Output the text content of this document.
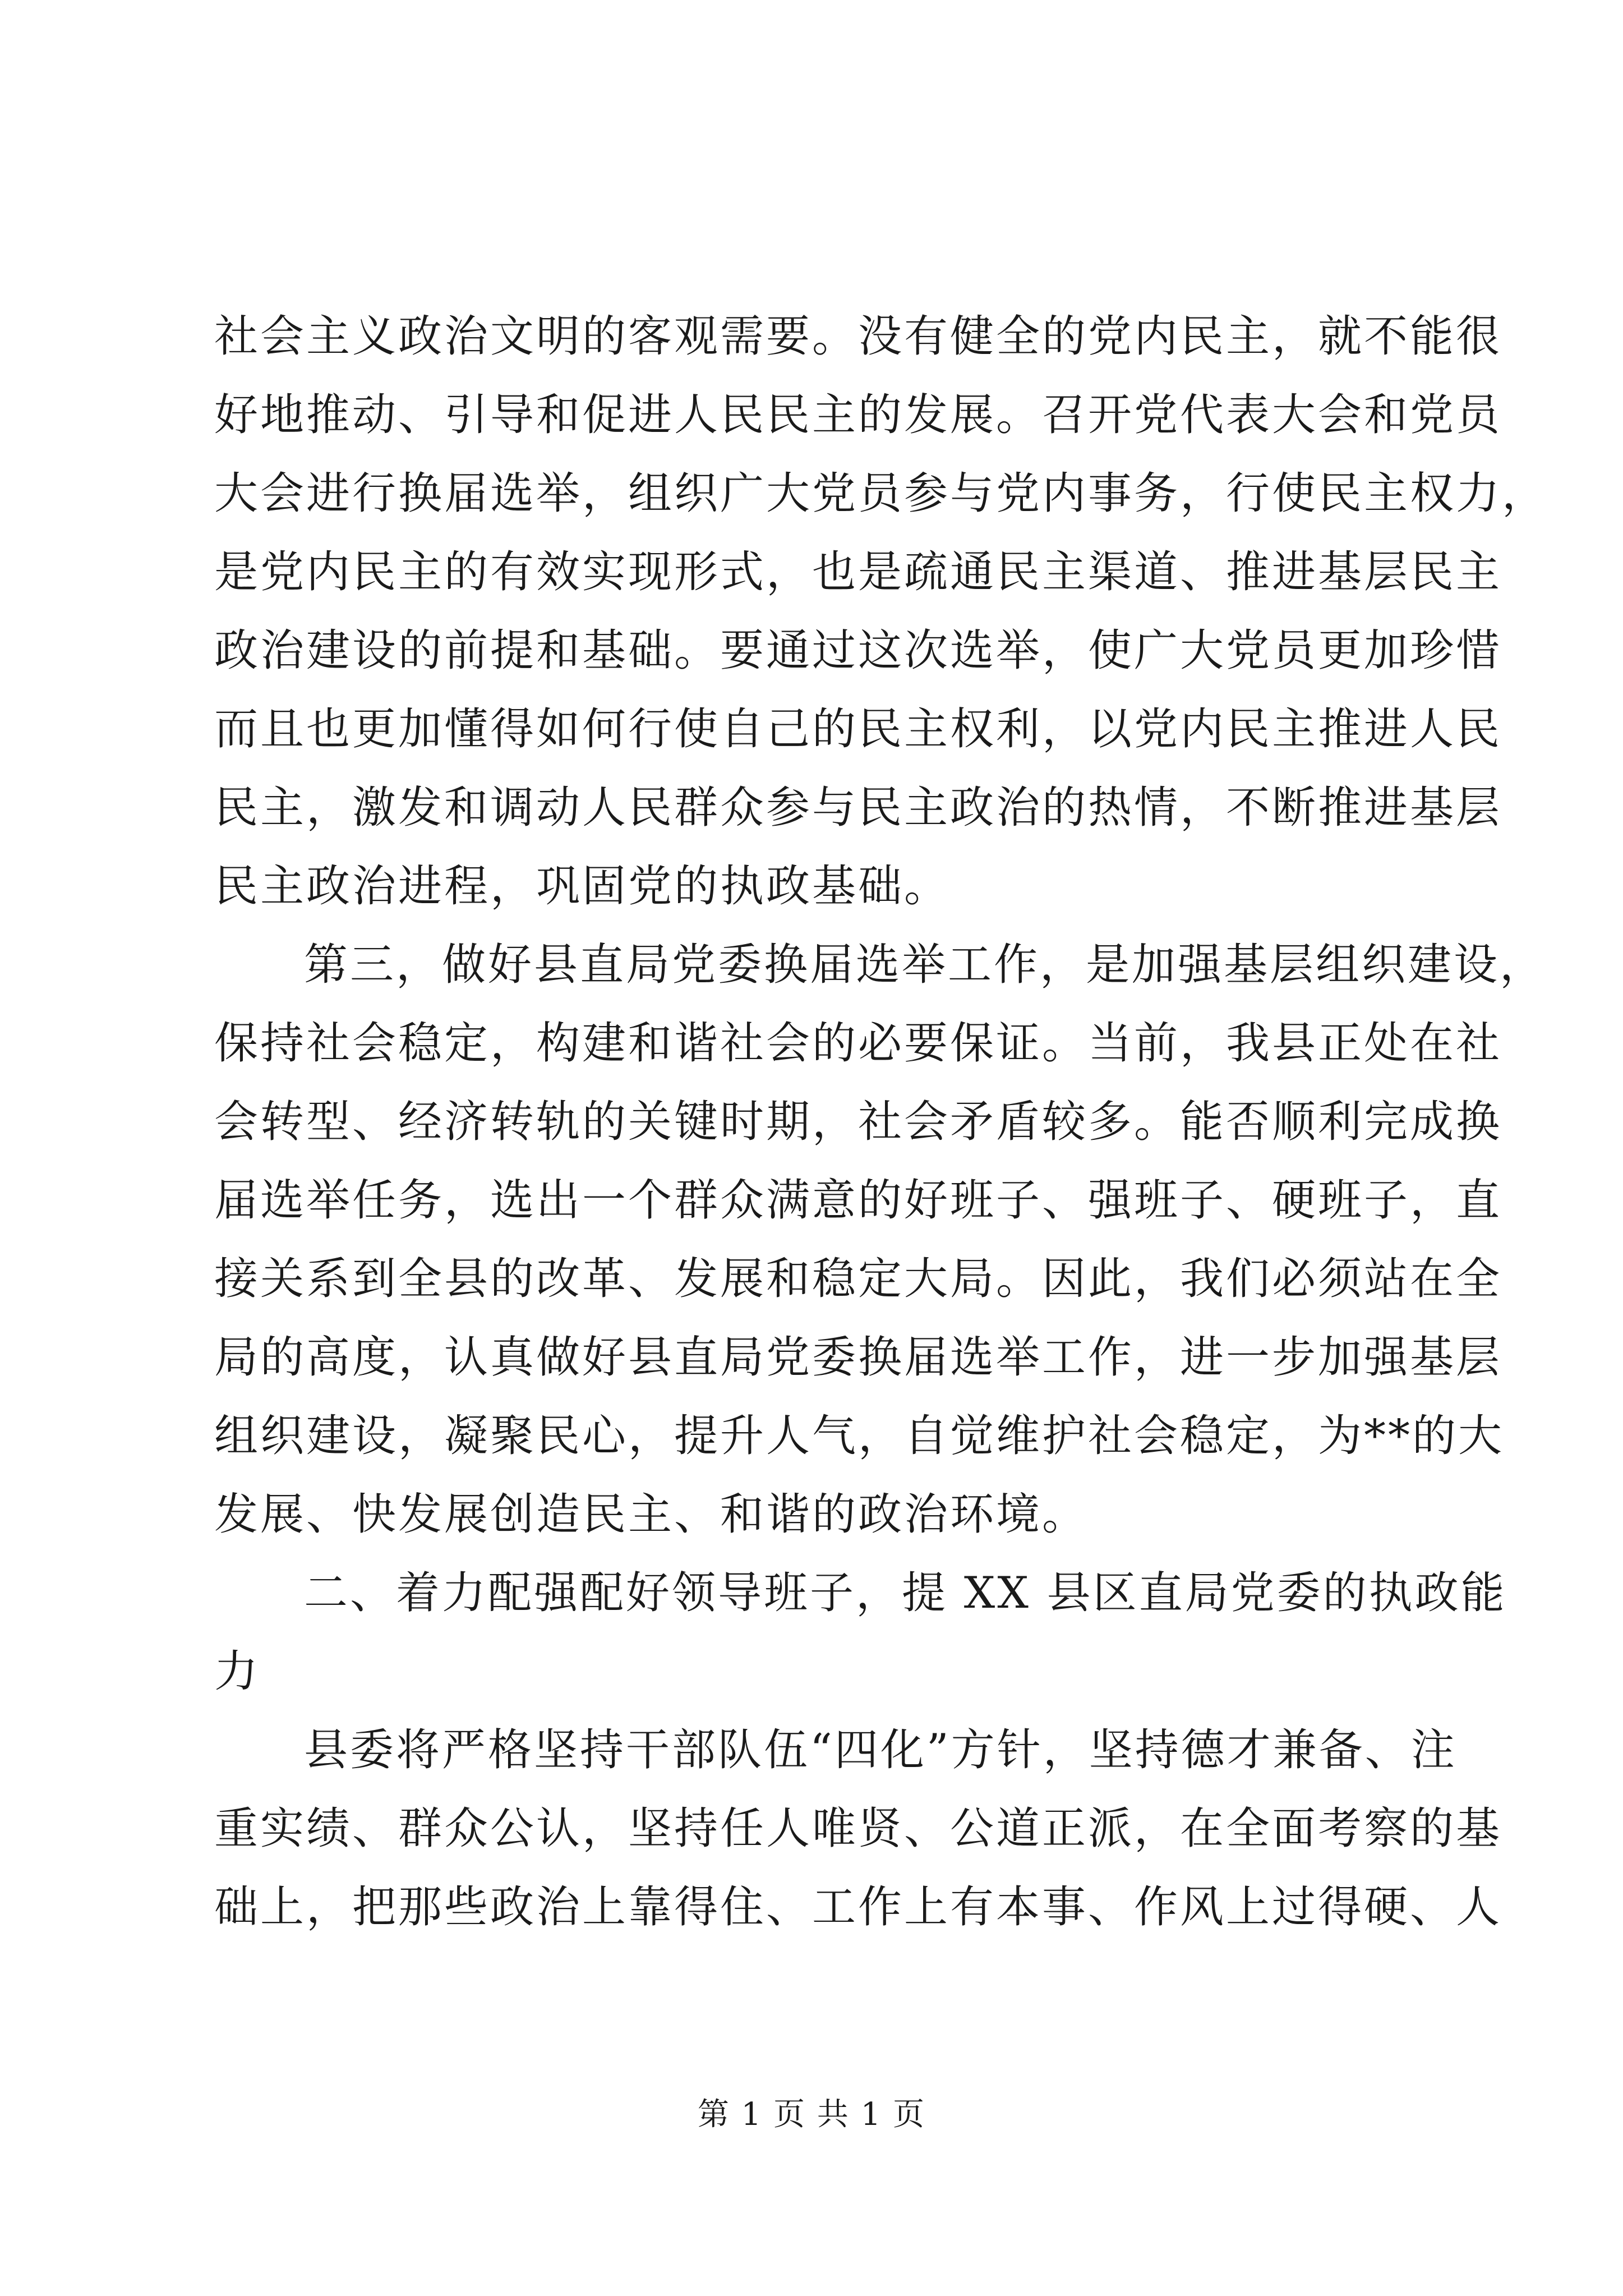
社会主义政治文明的客观需要。没有健全的党内民主，就不能很
好地推动、引导和促进人民民主的发展。召开党代表大会和党员
大会进行换届选举，组织广大党员参与党内事务，行使民主权力，
是党内民主的有效实现形式，也是疏通民主渠道、推进基层民主
政治建设的前提和基础。要通过这次选举，使广大党员更加珍惜
而且也更加懂得如何行使自己的民主权利，以党内民主推进人民
民主，激发和调动人民群众参与民主政治的热情，不断推进基层
民主政治进程，巩固党的执政基础。
第三，做好县直局党委换届选举工作，是加强基层组织建设，
保持社会稳定，构建和谐社会的必要保证。当前，我县正处在社
会转型、经济转轨的关键时期，社会矛盾较多。能否顺利完成换
届选举任务，选出一个群众满意的好班子、强班子、硬班子，直
接关系到全县的改革、发展和稳定大局。因此，我们必须站在全
局的高度，认真做好县直局党委换届选举工作，进一步加强基层
组织建设，凝聚民心，提升人气，自觉维护社会稳定，为**的大
发展、快发展创造民主、和谐的政治环境。
二、着力配强配好领导班子，提 XX 县区直局党委的执政能
力
县委将严格坚持干部队伍“四化”方针，坚持德才兼备、注
重实绩、群众公认，坚持任人唯贤、公道正派，在全面考察的基
础上，把那些政治上靠得住、工作上有本事、作风上过得硬、人
第 1 页 共 1 页
